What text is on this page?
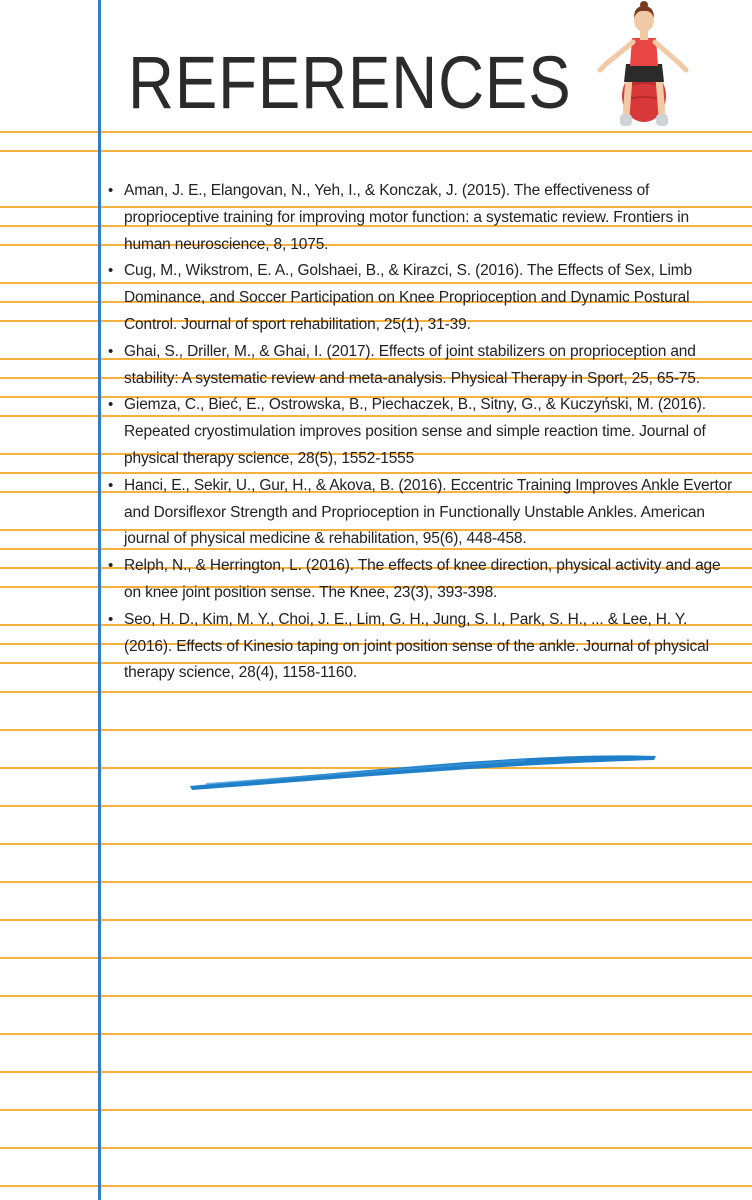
REFERENCES
• Aman, J. E., Elangovan, N., Yeh, I., & Konczak, J. (2015). The effectiveness of proprioceptive training for improving motor function: a systematic review. Frontiers in human neuroscience, 8, 1075.
• Cug, M., Wikstrom, E. A., Golshaei, B., & Kirazci, S. (2016). The Effects of Sex, Limb Dominance, and Soccer Participation on Knee Proprioception and Dynamic Postural Control. Journal of sport rehabilitation, 25(1), 31-39.
• Ghai, S., Driller, M., & Ghai, I. (2017). Effects of joint stabilizers on proprioception and stability: A systematic review and meta-analysis. Physical Therapy in Sport, 25, 65-75.
• Giemza, C., Bieć, E., Ostrowska, B., Piechaczek, B., Sitny, G., & Kuczyński, M. (2016). Repeated cryostimulation improves position sense and simple reaction time. Journal of physical therapy science, 28(5), 1552-1555
• Hanci, E., Sekir, U., Gur, H., & Akova, B. (2016). Eccentric Training Improves Ankle Evertor and Dorsiflexor Strength and Proprioception in Functionally Unstable Ankles. American journal of physical medicine & rehabilitation, 95(6), 448-458.
• Relph, N., & Herrington, L. (2016). The effects of knee direction, physical activity and age on knee joint position sense. The Knee, 23(3), 393-398.
• Seo, H. D., Kim, M. Y., Choi, J. E., Lim, G. H., Jung, S. I., Park, S. H., ... & Lee, H. Y. (2016). Effects of Kinesio taping on joint position sense of the ankle. Journal of physical therapy science, 28(4), 1158-1160.
